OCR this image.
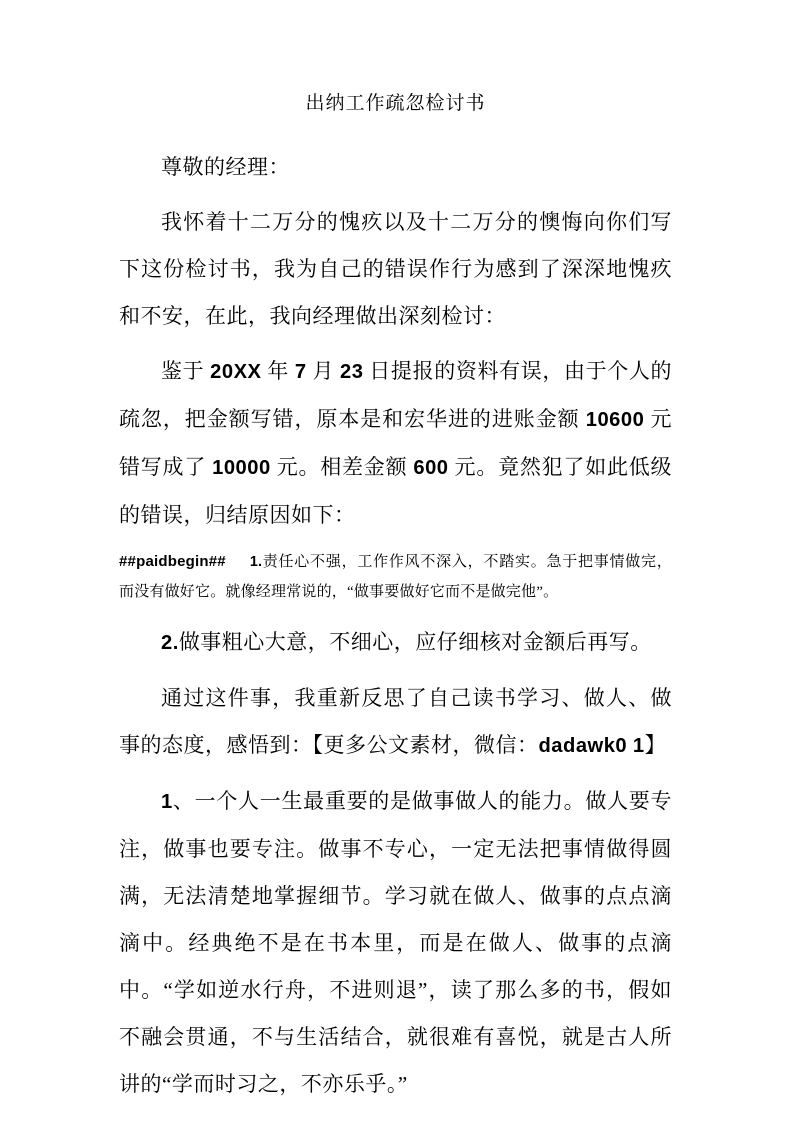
出纳工作疏忽检讨书

尊敬的经理：

我怀着十二万分的愧疚以及十二万分的懊悔向你们写下这份检讨书，我为自己的错误作行为感到了深深地愧疚和不安，在此，我向经理做出深刻检讨：

鉴于 20XX 年 7 月 23 日提报的资料有误，由于个人的疏忽，把金额写错，原本是和宏华进的进账金额 10600 元错写成了 10000 元。相差金额 600 元。竟然犯了如此低级的错误，归结原因如下：

##paidbegin## 1.责任心不强，工作作风不深入，不踏实。急于把事情做完，而没有做好它。就像经理常说的，“做事要做好它而不是做完他”。

2.做事粗心大意，不细心，应仔细核对金额后再写。

通过这件事，我重新反思了自己读书学习、做人、做事的态度，感悟到：【更多公文素材，微信：dadawk0 1】

1、一个人一生最重要的是做事做人的能力。做人要专注，做事也要专注。做事不专心，一定无法把事情做得圆满，无法清楚地掌握细节。学习就在做人、做事的点点滴滴中。经典绝不是在书本里，而是在做人、做事的点滴中。“学如逆水行舟，不进则退”，读了那么多的书，假如不融会贯通，不与生活结合，就很难有喜悦，就是古人所讲的“学而时习之，不亦乐乎。”
